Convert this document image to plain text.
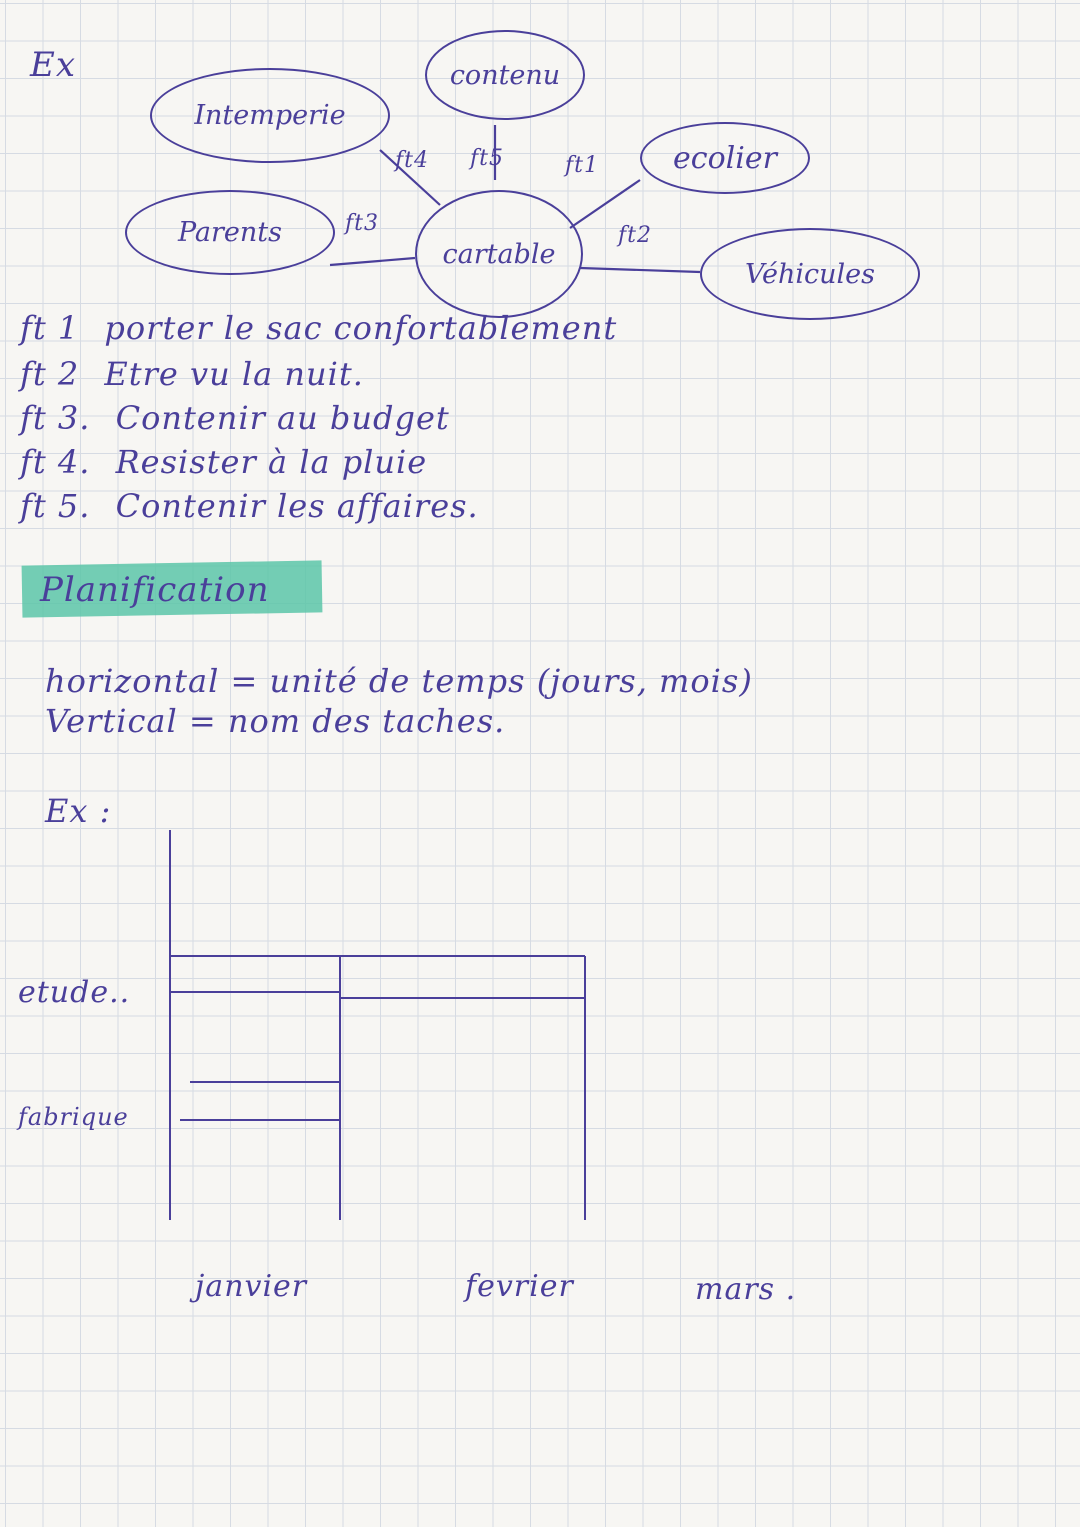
Ex	contenu
Intemperie
ecolier
Parents
cartable
Véhicules
ft4 ft5	ft1
ft3	ft2
ft 1 porter le sac confortablement
ft 2 Etre vu la nuit.
ft 3. Contenir au budget
ft 4. Resister à la pluie
ft 5. Contenir les affaires.
Planification
horizontal = unité de temps (jours, mois)
Vertical = nom des taches.
Ex :
etude..
fabrique
janvier	fevrier	mars .
